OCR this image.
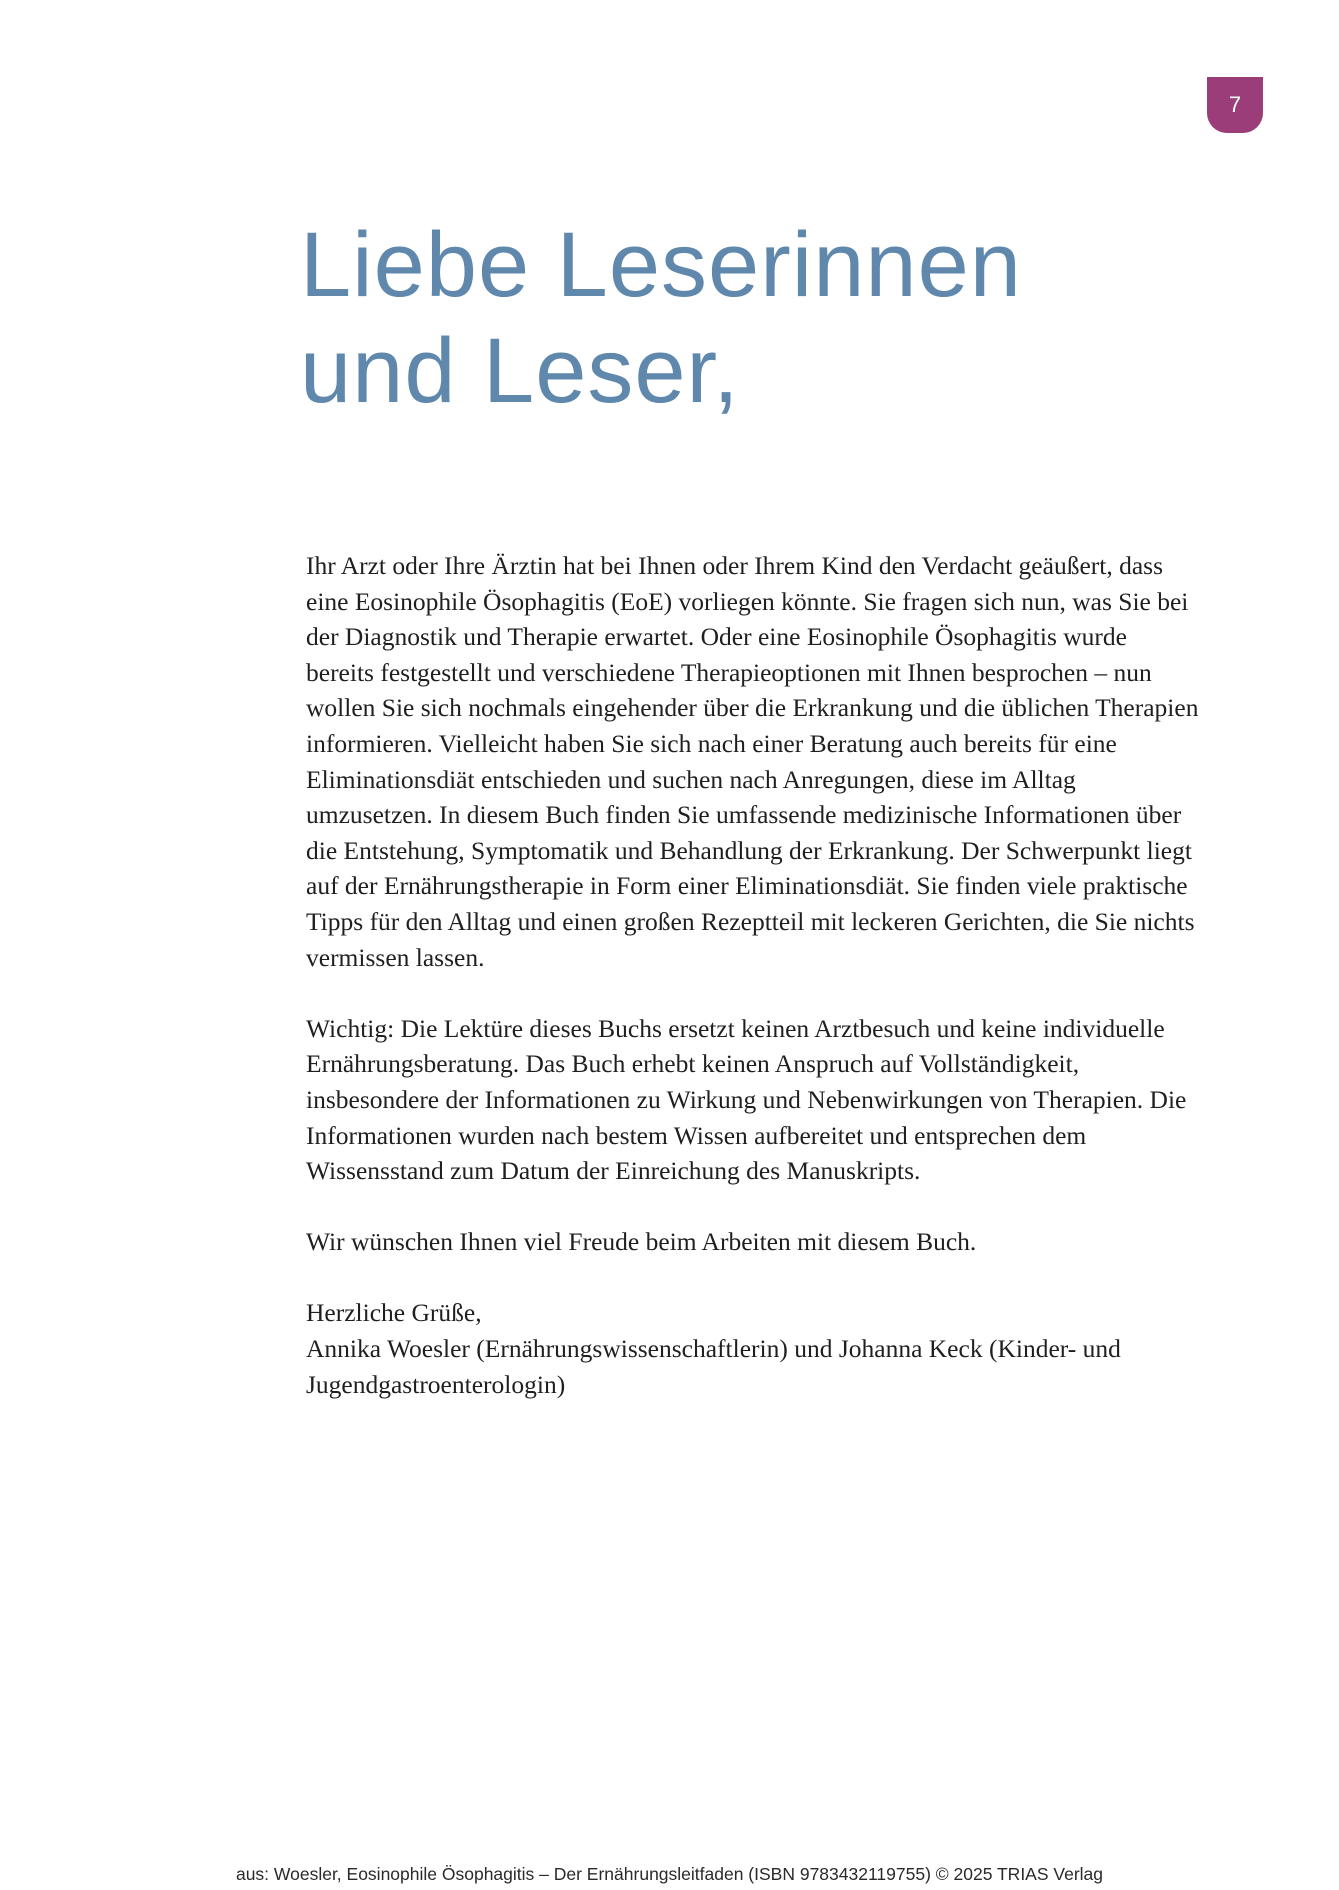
7
Liebe Leserinnen
und Leser,

Ihr Arzt oder Ihre Ärztin hat bei Ihnen oder Ihrem Kind den Verdacht geäußert, dass eine Eosinophile Ösophagitis (EoE) vorliegen könnte. Sie fragen sich nun, was Sie bei der Diagnostik und Therapie erwartet. Oder eine Eosinophile Ösophagitis wurde bereits festgestellt und verschiedene Therapieoptionen mit Ihnen besprochen – nun wollen Sie sich nochmals eingehender über die Erkrankung und die üblichen Therapien informieren. Vielleicht haben Sie sich nach einer Beratung auch bereits für eine Eliminationsdiät entschieden und suchen nach Anregungen, diese im Alltag umzusetzen. In diesem Buch finden Sie umfassende medizinische Informationen über die Entstehung, Symptomatik und Behandlung der Erkrankung. Der Schwerpunkt liegt auf der Ernährungstherapie in Form einer Eliminationsdiät. Sie finden viele praktische Tipps für den Alltag und einen großen Rezeptteil mit leckeren Gerichten, die Sie nichts vermissen lassen.

Wichtig: Die Lektüre dieses Buchs ersetzt keinen Arztbesuch und keine individuelle Ernährungsberatung. Das Buch erhebt keinen Anspruch auf Vollständigkeit, insbesondere der Informationen zu Wirkung und Nebenwirkungen von Therapien. Die Informationen wurden nach bestem Wissen aufbereitet und entsprechen dem Wissensstand zum Datum der Einreichung des Manuskripts.

Wir wünschen Ihnen viel Freude beim Arbeiten mit diesem Buch.

Herzliche Grüße,

Annika Woesler (Ernährungswissenschaftlerin) und Johanna Keck (Kinder- und Jugendgastroenterologin)

aus: Woesler, Eosinophile Ösophagitis – Der Ernährungsleitfaden (ISBN 9783432119755) © 2025 TRIAS Verlag
